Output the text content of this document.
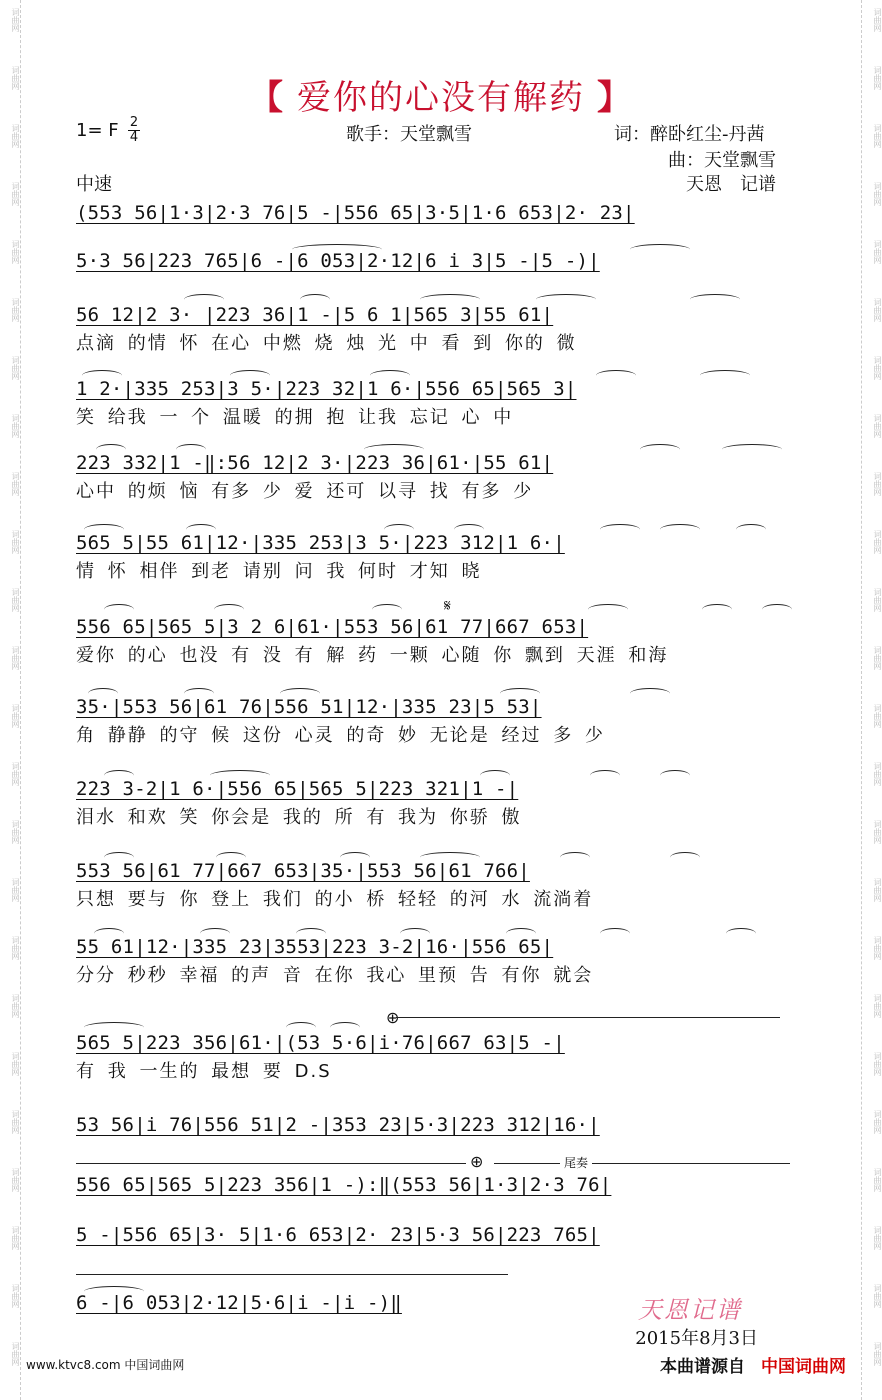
词曲网	词曲网
词曲网	词曲网
词曲网	词曲网
词曲网	词曲网
词曲网	词曲网
词曲网	词曲网
词曲网	词曲网
词曲网	词曲网
词曲网	词曲网
词曲网	词曲网
词曲网	词曲网
词曲网	词曲网
词曲网	词曲网
词曲网	词曲网
词曲网	词曲网
词曲网	词曲网
词曲网	词曲网
词曲网	词曲网
词曲网	词曲网
词曲网	词曲网
词曲网	词曲网
词曲网	词曲网
词曲网	词曲网
词曲网	词曲网
【 爱你的心没有解药 】
1= F 2
4	歌手：天堂飘雪	词：醉卧红尘-丹茜
曲：天堂飘雪
中速	天恩　记谱
(553 56|1·3|2·3 76|5 -|556 65|3·5|1·6 653|2· 23|
5·3 56|223 765|6 -|6 053|2·12|6 i 3|5 -|5 -)|
56 12|2 3· |223 36|1 -|5 6 1|565 3|55 61|
点滴 的情 怀 在心 中燃 烧 烛 光 中 看 到 你的 微
1 2·|335 253|3 5·|223 32|1 6·|556 65|565 3|
笑 给我 一 个 温暖 的拥 抱 让我 忘记 心 中
223 332|1 -‖:56 12|2 3·|223 36|61·|55 61|
心中 的烦 恼 有多 少 爱 还可 以寻 找 有多 少
565 5|55 61|12·|335 253|3 5·|223 312|1 6·|
情 怀 相伴 到老 请别 问 我 何时 才知 晓
556 65|565 5|3 2 6|61·|553 56|61 77|667 653|
爱你 的心 也没 有 没 有 解 药 一颗 心随 你 飘到 天涯 和海
35·|553 56|61 76|556 51|12·|335 23|5 53|
角 静静 的守 候 这份 心灵 的奇 妙 无论是 经过 多 少
223 3-2|1 6·|556 65|565 5|223 321|1 -|
泪水 和欢 笑 你会是 我的 所 有 我为 你骄 傲
553 56|61 77|667 653|35·|553 56|61 766|
只想 要与 你 登上 我们 的小 桥 轻轻 的河 水 流淌着
55 61|12·|335 23|3553|223 3-2|16·|556 65|
分分 秒秒 幸福 的声 音 在你 我心 里预 告 有你 就会
565 5|223 356|61·|(53 5·6|i·76|667 63|5 -|
有 我 一生的 最想 要 D.S
53 56|i 76|556 51|2 -|353 23|5·3|223 312|16·|
556 65|565 5|223 356|1 -):‖(553 56|1·3|2·3 76|
5 -|556 65|3· 5|1·6 653|2· 23|5·3 56|223 765|
6 -|6 053|2·12|5·6|i -|i -)‖
𝄋
⊕
⊕	尾奏
天恩记谱
2015年8月3日
www.ktvc8.com 中国词曲网	本曲谱源自 中国词曲网
